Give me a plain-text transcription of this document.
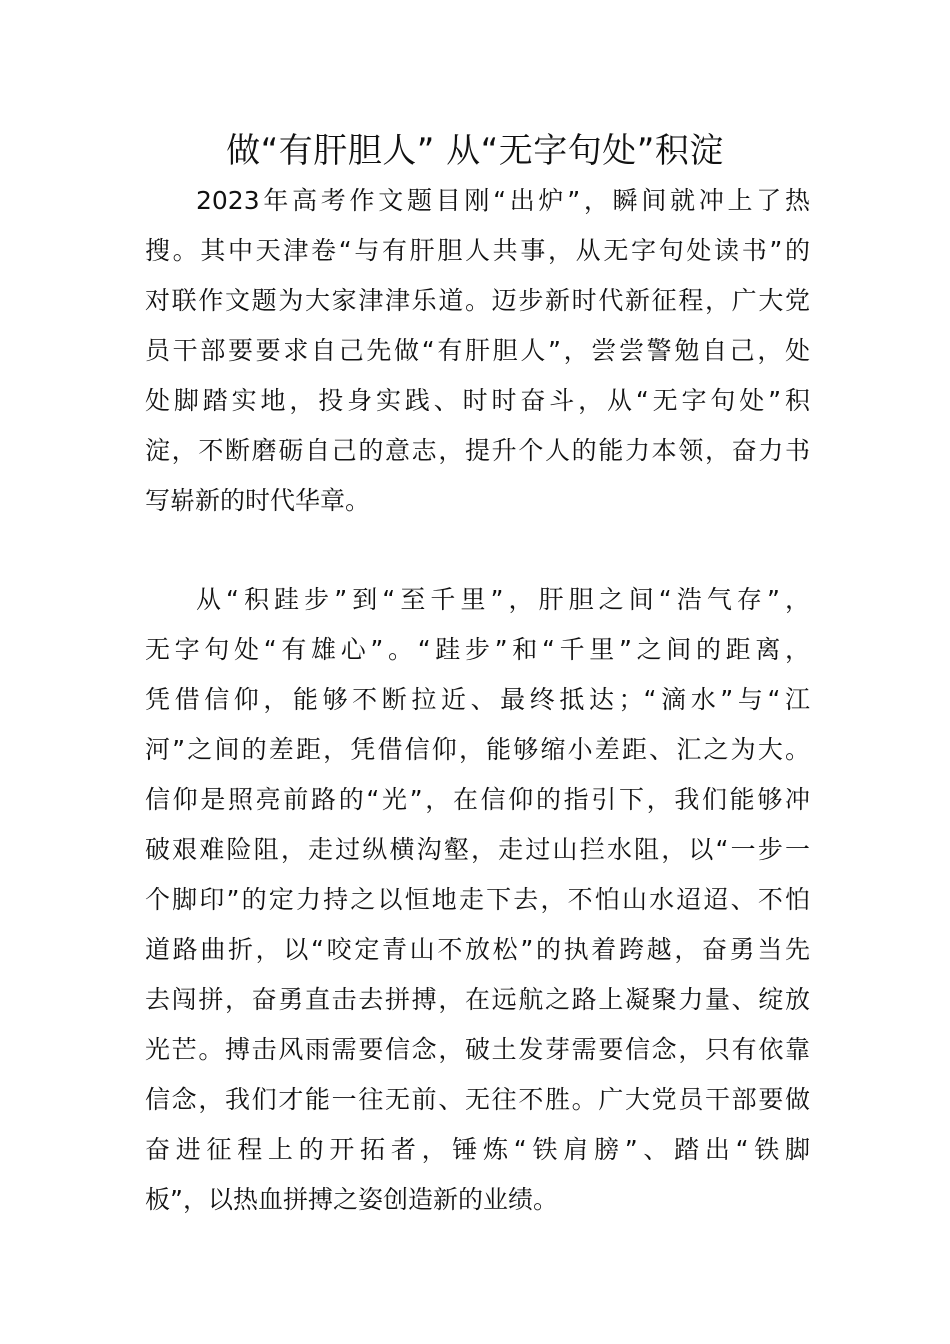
做“有肝胆人” 从“无字句处”积淀
2023年高考作文题目刚“出炉”，瞬间就冲上了热
搜。其中天津卷“与有肝胆人共事，从无字句处读书”的
对联作文题为大家津津乐道。迈步新时代新征程，广大党
员干部要要求自己先做“有肝胆人”，尝尝警勉自己，处
处脚踏实地，投身实践、时时奋斗，从“无字句处”积
淀，不断磨砺自己的意志，提升个人的能力本领，奋力书
写崭新的时代华章。
从“积跬步”到“至千里”，肝胆之间“浩气存”，
无字句处“有雄心”。“跬步”和“千里”之间的距离，
凭借信仰，能够不断拉近、最终抵达；“滴水”与“江
河”之间的差距，凭借信仰，能够缩小差距、汇之为大。
信仰是照亮前路的“光”，在信仰的指引下，我们能够冲
破艰难险阻，走过纵横沟壑，走过山拦水阻，以“一步一
个脚印”的定力持之以恒地走下去，不怕山水迢迢、不怕
道路曲折，以“咬定青山不放松”的执着跨越，奋勇当先
去闯拼，奋勇直击去拼搏，在远航之路上凝聚力量、绽放
光芒。搏击风雨需要信念，破土发芽需要信念，只有依靠
信念，我们才能一往无前、无往不胜。广大党员干部要做
奋进征程上的开拓者，锤炼“铁肩膀”、踏出“铁脚
板”，以热血拼搏之姿创造新的业绩。
